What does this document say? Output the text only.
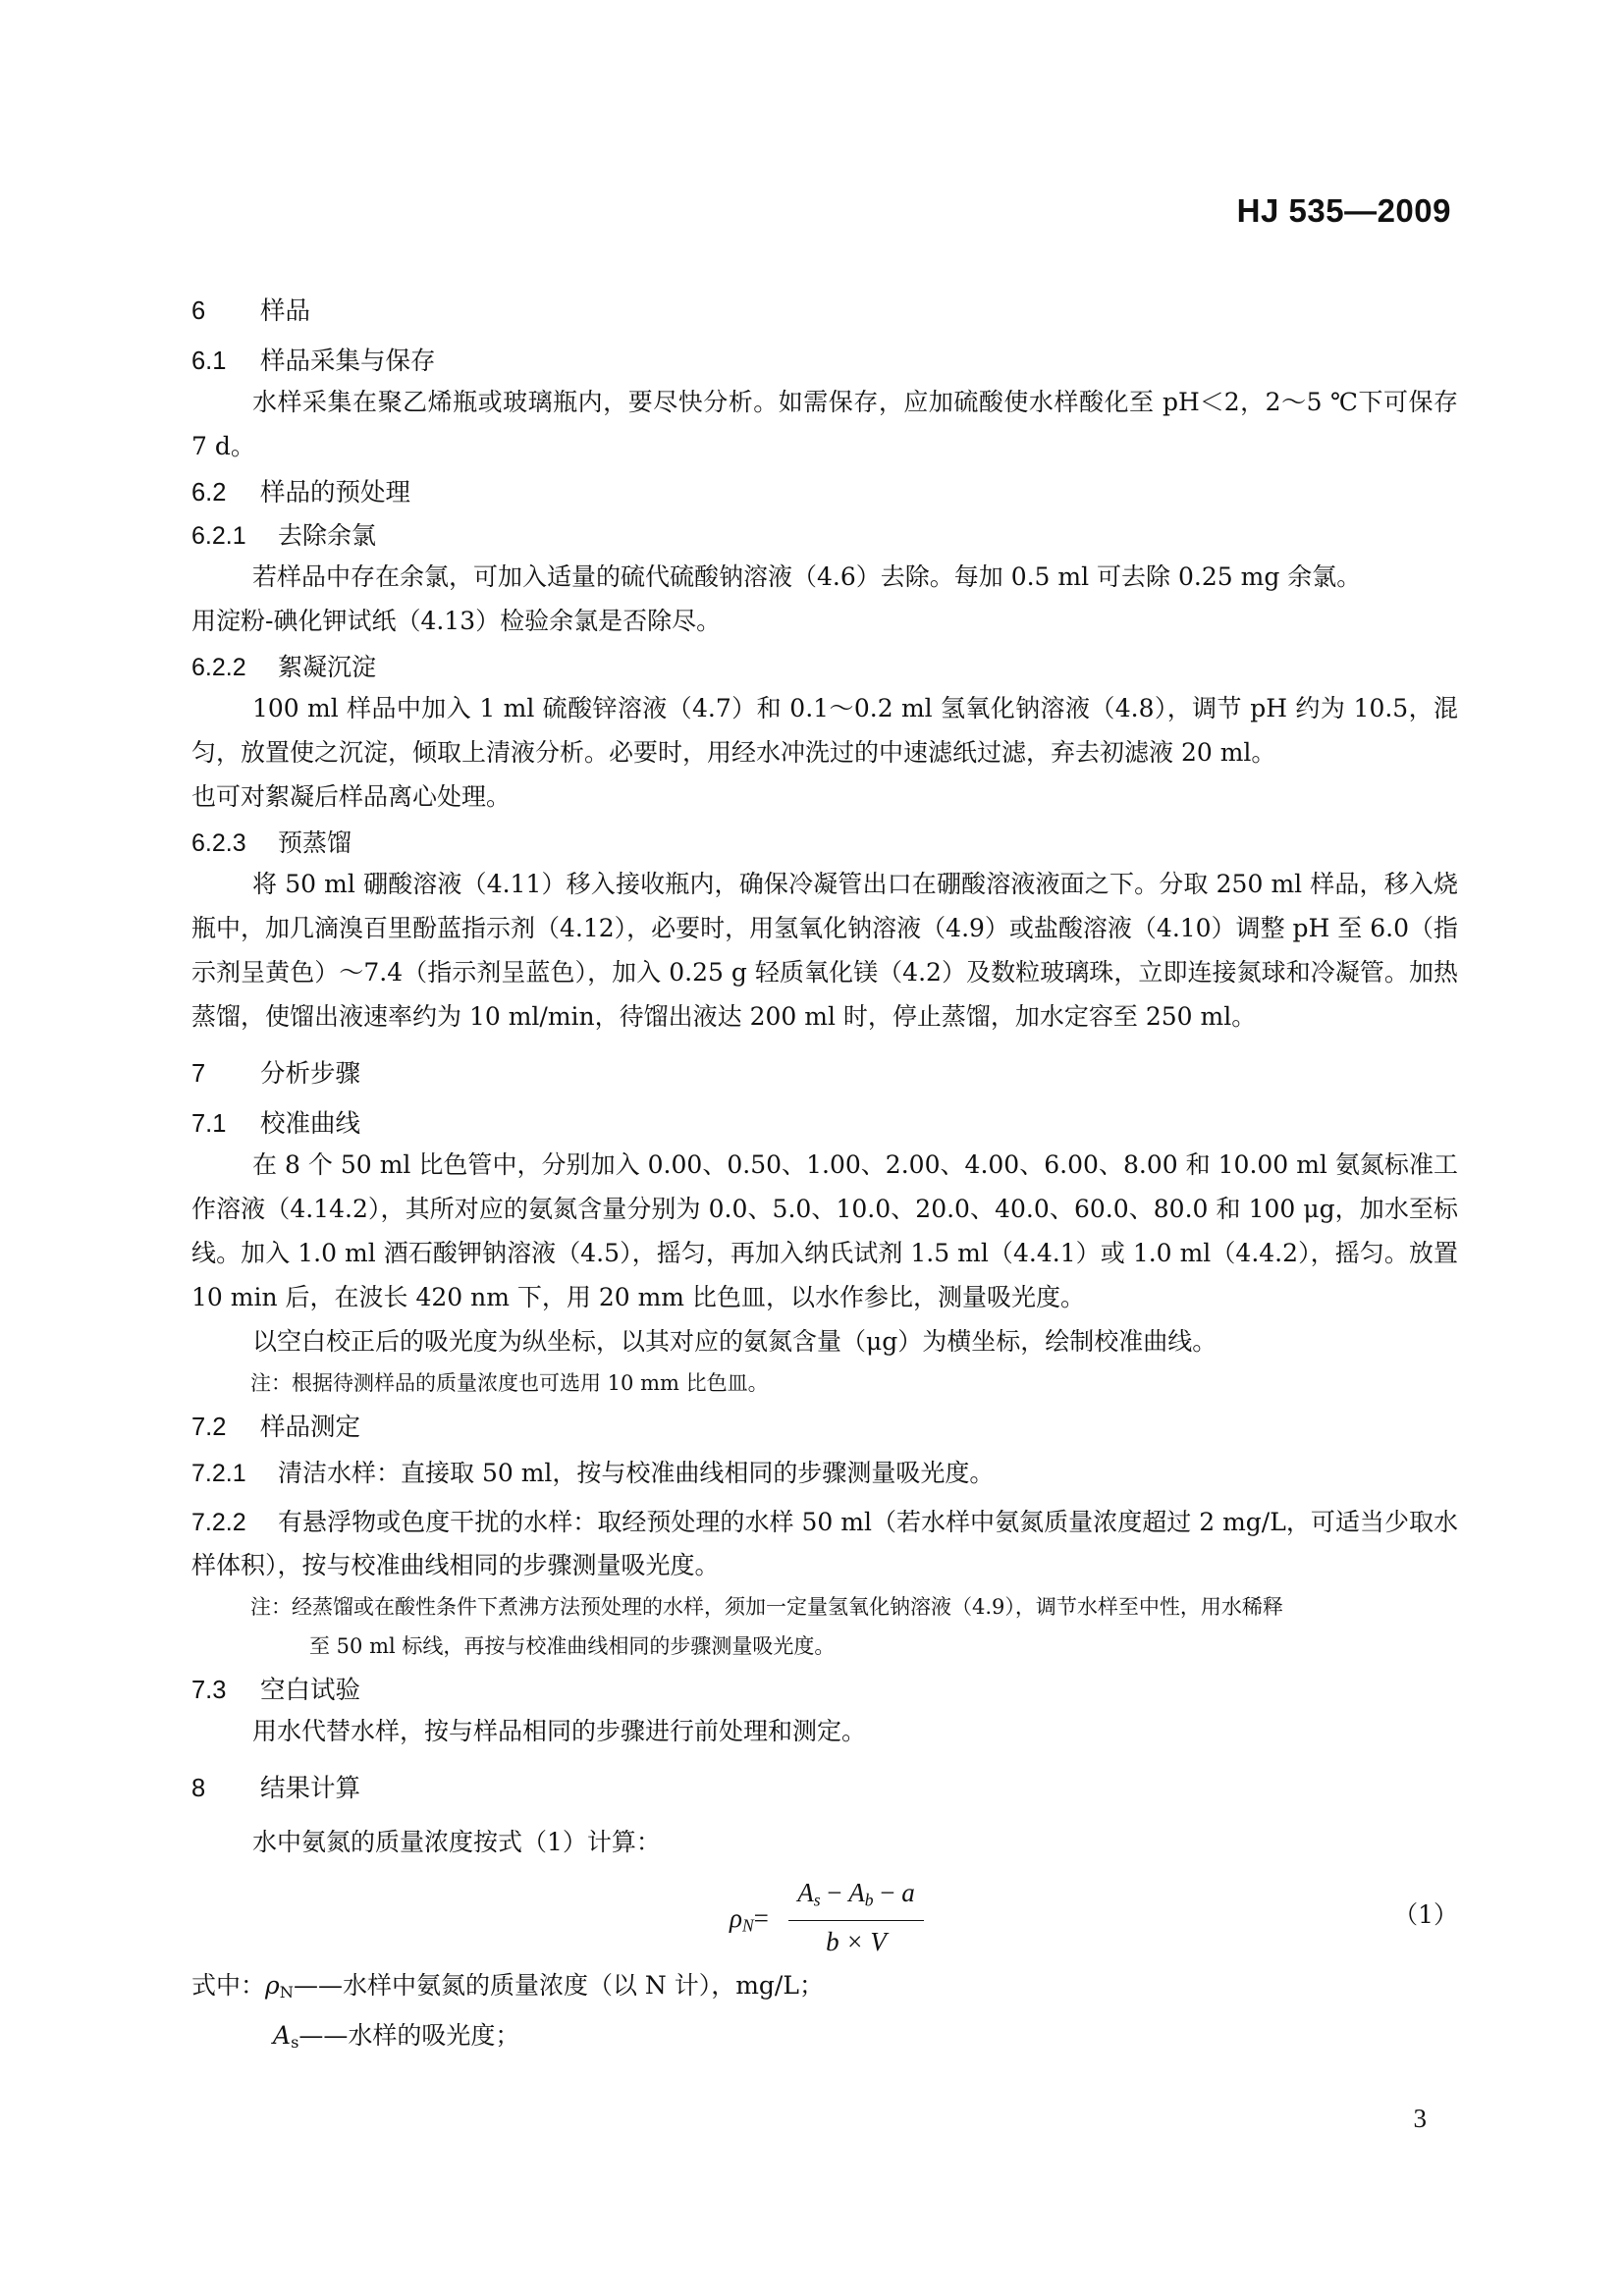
HJ 535—2009
6 样品
6.1 样品采集与保存

水样采集在聚乙烯瓶或玻璃瓶内，要尽快分析。如需保存，应加硫酸使水样酸化至 pH＜2，2～5 ℃下可保存 7 d。

6.2 样品的预处理
6.2.1 去除余氯

若样品中存在余氯，可加入适量的硫代硫酸钠溶液（4.6）去除。每加 0.5 ml 可去除 0.25 mg 余氯。

用淀粉-碘化钾试纸（4.13）检验余氯是否除尽。

6.2.2 絮凝沉淀

100 ml 样品中加入 1 ml 硫酸锌溶液（4.7）和 0.1～0.2 ml 氢氧化钠溶液（4.8），调节 pH 约为 10.5，混匀，放置使之沉淀，倾取上清液分析。必要时，用经水冲洗过的中速滤纸过滤，弃去初滤液 20 ml。

也可对絮凝后样品离心处理。

6.2.3 预蒸馏

将 50 ml 硼酸溶液（4.11）移入接收瓶内，确保冷凝管出口在硼酸溶液液面之下。分取 250 ml 样品，移入烧瓶中，加几滴溴百里酚蓝指示剂（4.12），必要时，用氢氧化钠溶液（4.9）或盐酸溶液（4.10）调整 pH 至 6.0（指示剂呈黄色）～7.4（指示剂呈蓝色），加入 0.25 g 轻质氧化镁（4.2）及数粒玻璃珠，立即连接氮球和冷凝管。加热蒸馏，使馏出液速率约为 10 ml/min，待馏出液达 200 ml 时，停止蒸馏，加水定容至 250 ml。

7 分析步骤
7.1 校准曲线

在 8 个 50 ml 比色管中，分别加入 0.00、0.50、1.00、2.00、4.00、6.00、8.00 和 10.00 ml 氨氮标准工作溶液（4.14.2），其所对应的氨氮含量分别为 0.0、5.0、10.0、20.0、40.0、60.0、80.0 和 100 μg，加水至标线。加入 1.0 ml 酒石酸钾钠溶液（4.5），摇匀，再加入纳氏试剂 1.5 ml（4.4.1）或 1.0 ml（4.4.2），摇匀。放置 10 min 后，在波长 420 nm 下，用 20 mm 比色皿，以水作参比，测量吸光度。

以空白校正后的吸光度为纵坐标，以其对应的氨氮含量（μg）为横坐标，绘制校准曲线。

注：根据待测样品的质量浓度也可选用 10 mm 比色皿。
7.2 样品测定
7.2.1 清洁水样：直接取 50 ml，按与校准曲线相同的步骤测量吸光度。
7.2.2 有悬浮物或色度干扰的水样：取经预处理的水样 50 ml（若水样中氨氮质量浓度超过 2 mg/L，可适当少取水样体积），按与校准曲线相同的步骤测量吸光度。
注：经蒸馏或在酸性条件下煮沸方法预处理的水样，须加一定量氢氧化钠溶液（4.9），调节水样至中性，用水稀释
至 50 ml 标线，再按与校准曲线相同的步骤测量吸光度。
7.3 空白试验

用水代替水样，按与样品相同的步骤进行前处理和测定。

8 结果计算

水中氨氮的质量浓度按式（1）计算：

$\rho_N=$
$A_s - A_b - a$
b × V
（1）
式中：$\rho_N——$水样中氨氮的质量浓度（以 N 计），mg/L；
$A_s——$水样的吸光度；
3
